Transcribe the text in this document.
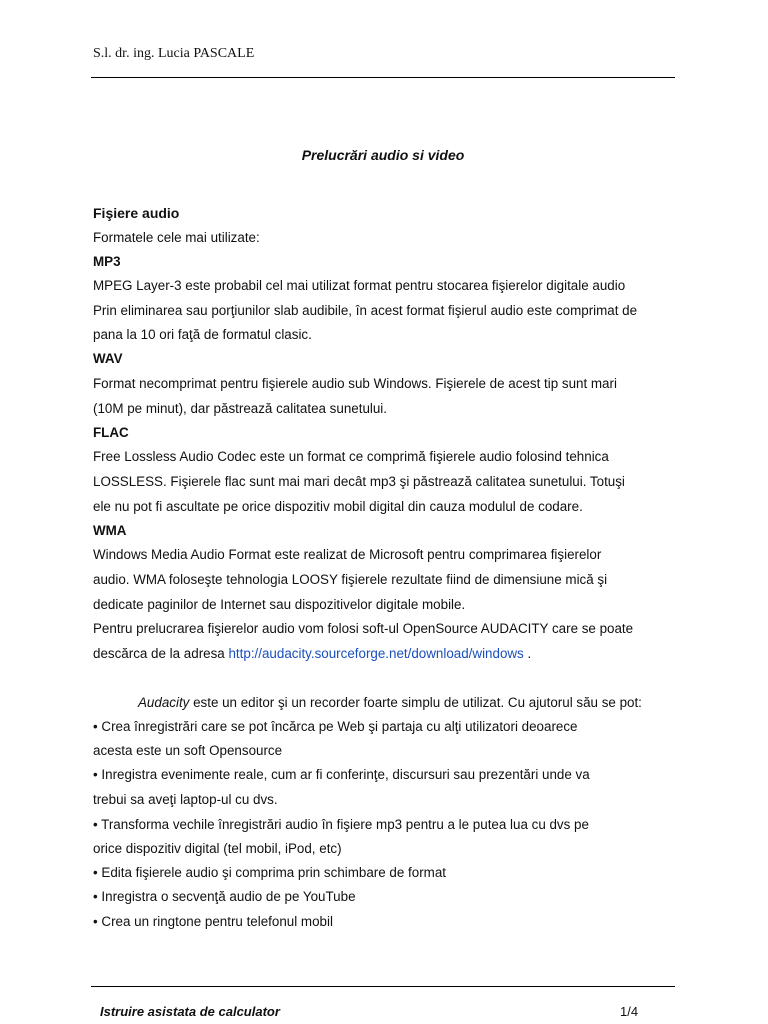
S.l. dr. ing. Lucia PASCALE
Prelucrări audio si video
Fişiere audio
Formatele cele mai utilizate:
MP3
MPEG Layer-3 este probabil cel mai utilizat format pentru stocarea fişierelor digitale audio
Prin eliminarea sau porţiunilor slab audibile, în acest format fişierul audio este comprimat de
pana la 10 ori faţă de formatul clasic.
WAV
Format necomprimat pentru fişierele audio sub Windows. Fişierele de acest tip sunt mari
(10M pe minut), dar păstrează calitatea sunetului.
FLAC
Free Lossless Audio Codec este un format ce comprimă fişierele audio folosind tehnica
LOSSLESS. Fişierele flac sunt mai mari decât mp3 şi păstrează calitatea sunetului. Totuşi
ele nu pot fi ascultate pe orice dispozitiv mobil digital din cauza modulul de codare.
WMA
Windows Media Audio Format este realizat de Microsoft pentru comprimarea fişierelor
audio. WMA foloseşte tehnologia LOOSY fişierele rezultate fiind de dimensiune mică şi
dedicate paginilor de Internet sau dispozitivelor digitale mobile.
Pentru prelucrarea fişierelor audio vom folosi soft-ul OpenSource AUDACITY care se poate
descărca de la adresa http://audacity.sourceforge.net/download/windows .
Audacity este un editor şi un recorder foarte simplu de utilizat. Cu ajutorul său se pot:
• Crea înregistrări care se pot încărca pe Web şi partaja cu alţi utilizatori deoarece
acesta este un soft Opensource
• Inregistra evenimente reale, cum ar fi conferinţe, discursuri sau prezentări unde va
trebui sa aveţi laptop-ul cu dvs.
• Transforma vechile înregistrări audio în fişiere mp3 pentru a le putea lua cu dvs pe
orice dispozitiv digital (tel mobil, iPod, etc)
• Edita fişierele audio şi comprima prin schimbare de format
• Inregistra o secvenţă audio de pe YouTube
• Crea un ringtone pentru telefonul mobil
Istruire asistata de calculator	1/4
